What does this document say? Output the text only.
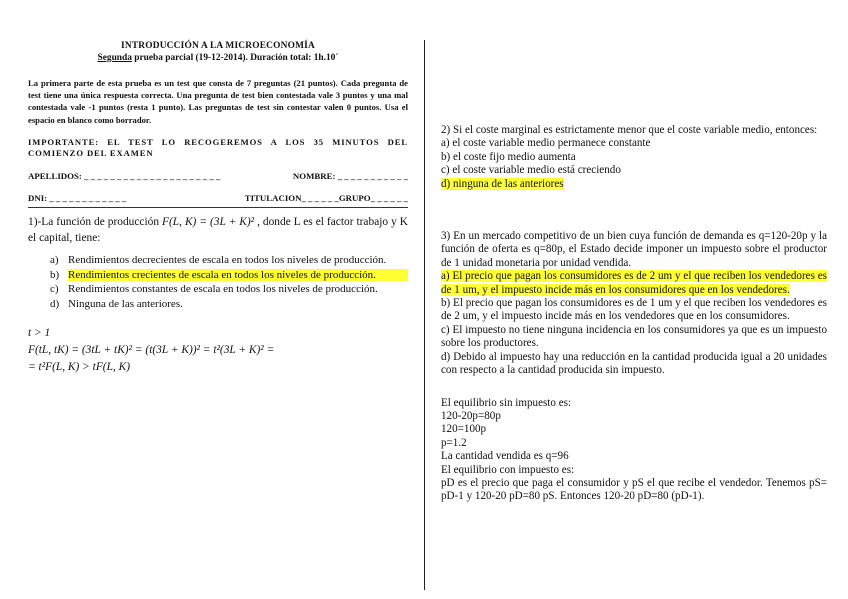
INTRODUCCIÓN A LA MICROECONOMÍA
Segunda prueba parcial (19-12-2014). Duración total: 1h.10´
La primera parte de esta prueba es un test que consta de 7 preguntas (21 puntos). Cada pregunta de test tiene una única respuesta correcta. Una pregunta de test bien contestada vale 3 puntos y una mal contestada vale -1 puntos (resta 1 punto). Las preguntas de test sin contestar valen 0 puntos. Usa el espacio en blanco como borrador.
IMPORTANTE: EL TEST LO RECOGEREMOS A LOS 35 MINUTOS DEL COMIENZO DEL EXAMEN
APELLIDOS: _ _ _ _ _ _ _ _ _ _ _ _ _ _ _ _ _ _ _ _ _	NOMBRE: _ _ _ _ _ _ _ _ _ _ _
DNI: _ _ _ _ _ _ _ _ _ _ _ _	TITULACION_ _ _ _ _ _GRUPO_ _ _ _ _ _
1)-La función de producción F(L, K) = (3L + K)² , donde L es el factor trabajo y K el capital, tiene:
a) Rendimientos decrecientes de escala en todos los niveles de producción.
b) Rendimientos crecientes de escala en todos los niveles de producción.
c) Rendimientos constantes de escala en todos los niveles de producción.
d) Ninguna de las anteriores.
t > 1
F(tL, tK) = (3tL + tK)² = (t(3L + K))² = t²(3L + K)² =
= t²F(L, K) > tF(L, K)
2) Si el coste marginal es estrictamente menor que el coste variable medio, entonces:
a) el coste variable medio permanece constante
b) el coste fijo medio aumenta
c) el coste variable medio está creciendo
d) ninguna de las anteriores
3) En un mercado competitivo de un bien cuya función de demanda es q=120-20p y la función de oferta es q=80p, el Estado decide imponer un impuesto sobre el productor de 1 unidad monetaria por unidad vendida.
a) El precio que pagan los consumidores es de 2 um y el que reciben los vendedores es de 1 um, y el impuesto incide más en los consumidores que en los vendedores.
b) El precio que pagan los consumidores es de 1 um y el que reciben los vendedores es de 2 um, y el impuesto incide más en los vendedores que en los consumidores.
c) El impuesto no tiene ninguna incidencia en los consumidores ya que es un impuesto sobre los productores.
d) Debido al impuesto hay una reducción en la cantidad producida igual a 20 unidades con respecto a la cantidad producida sin impuesto.
El equilibrio sin impuesto es:
120-20p=80p
120=100p
p=1.2
La cantidad vendida es q=96
El equilibrio con impuesto es:
pD es el precio que paga el consumidor y pS el que recibe el vendedor. Tenemos pS= pD-1 y 120-20 pD=80 pS. Entonces 120-20 pD=80 (pD-1).
